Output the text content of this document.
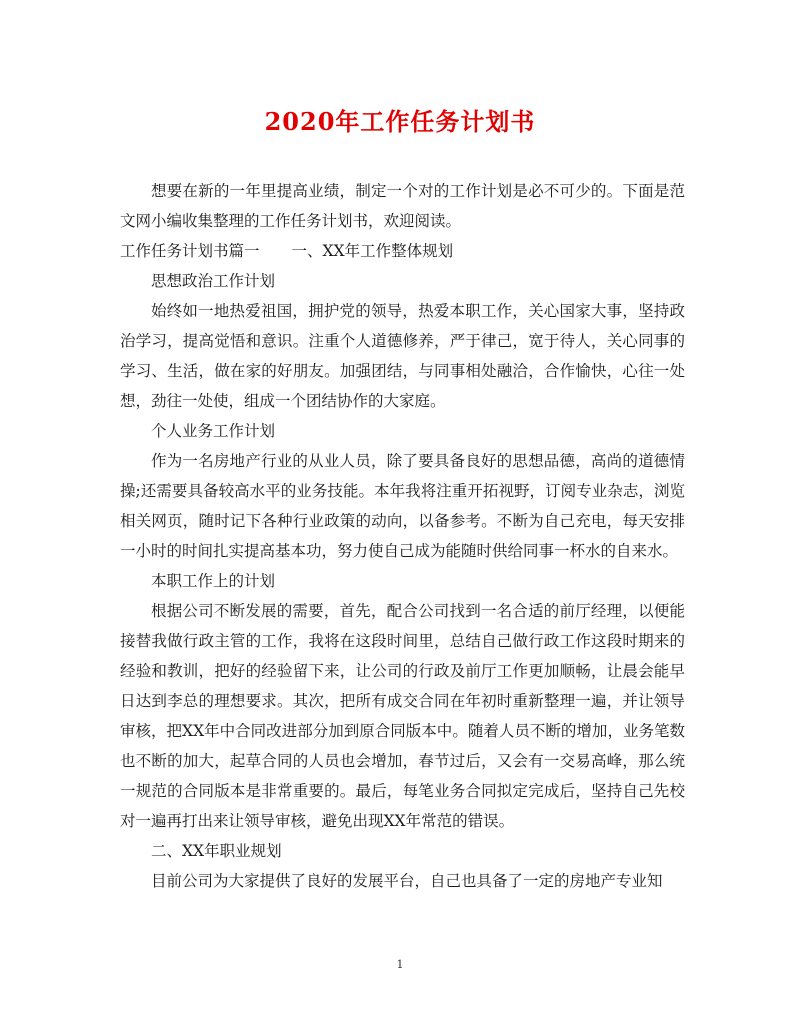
2020年工作任务计划书

想要在新的一年里提高业绩，制定一个对的工作计划是必不可少的。下面是范文网小编收集整理的工作任务计划书，欢迎阅读。

工作任务计划书篇一 一、XX年工作整体规划

思想政治工作计划

始终如一地热爱祖国，拥护党的领导，热爱本职工作，关心国家大事，坚持政治学习，提高觉悟和意识。注重个人道德修养，严于律己，宽于待人，关心同事的学习、生活，做在家的好朋友。加强团结，与同事相处融洽，合作愉快，心往一处想，劲往一处使，组成一个团结协作的大家庭。

个人业务工作计划

作为一名房地产行业的从业人员，除了要具备良好的思想品德，高尚的道德情操;还需要具备较高水平的业务技能。本年我将注重开拓视野，订阅专业杂志，浏览相关网页，随时记下各种行业政策的动向，以备参考。不断为自己充电，每天安排一小时的时间扎实提高基本功，努力使自己成为能随时供给同事一杯水的自来水。

本职工作上的计划

根据公司不断发展的需要，首先，配合公司找到一名合适的前厅经理，以便能接替我做行政主管的工作，我将在这段时间里，总结自己做行政工作这段时期来的经验和教训，把好的经验留下来，让公司的行政及前厅工作更加顺畅，让晨会能早日达到李总的理想要求。其次，把所有成交合同在年初时重新整理一遍，并让领导审核，把XX年中合同改进部分加到原合同版本中。随着人员不断的增加，业务笔数也不断的加大，起草合同的人员也会增加，春节过后，又会有一交易高峰，那么统一规范的合同版本是非常重要的。最后，每笔业务合同拟定完成后，坚持自己先校对一遍再打出来让领导审核，避免出现XX年常范的错误。

二、XX年职业规划

目前公司为大家提供了良好的发展平台，自己也具备了一定的房地产专业知

1
